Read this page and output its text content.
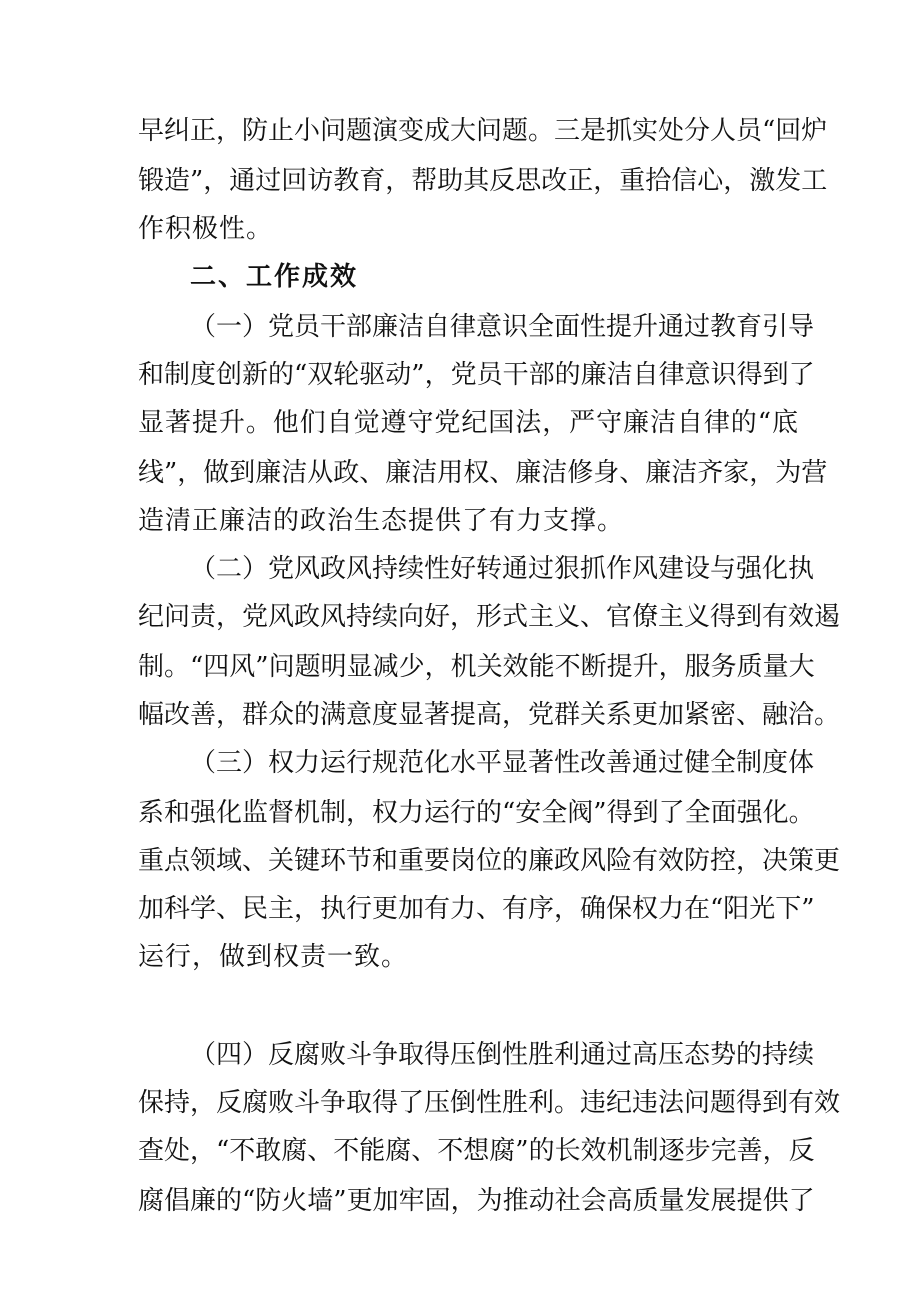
早纠正，防止小问题演变成大问题。三是抓实处分人员“回炉
锻造”，通过回访教育，帮助其反思改正，重拾信心，激发工
作积极性。
二、工作成效
（一）党员干部廉洁自律意识全面性提升通过教育引导
和制度创新的“双轮驱动”，党员干部的廉洁自律意识得到了
显著提升。他们自觉遵守党纪国法，严守廉洁自律的“底
线”，做到廉洁从政、廉洁用权、廉洁修身、廉洁齐家，为营
造清正廉洁的政治生态提供了有力支撑。
（二）党风政风持续性好转通过狠抓作风建设与强化执
纪问责，党风政风持续向好，形式主义、官僚主义得到有效遏
制。“四风”问题明显减少，机关效能不断提升，服务质量大
幅改善，群众的满意度显著提高，党群关系更加紧密、融洽。
（三）权力运行规范化水平显著性改善通过健全制度体
系和强化监督机制，权力运行的“安全阀”得到了全面强化。
重点领域、关键环节和重要岗位的廉政风险有效防控，决策更
加科学、民主，执行更加有力、有序，确保权力在“阳光下”
运行，做到权责一致。
（四）反腐败斗争取得压倒性胜利通过高压态势的持续
保持，反腐败斗争取得了压倒性胜利。违纪违法问题得到有效
查处，“不敢腐、不能腐、不想腐”的长效机制逐步完善，反
腐倡廉的“防火墙”更加牢固，为推动社会高质量发展提供了
